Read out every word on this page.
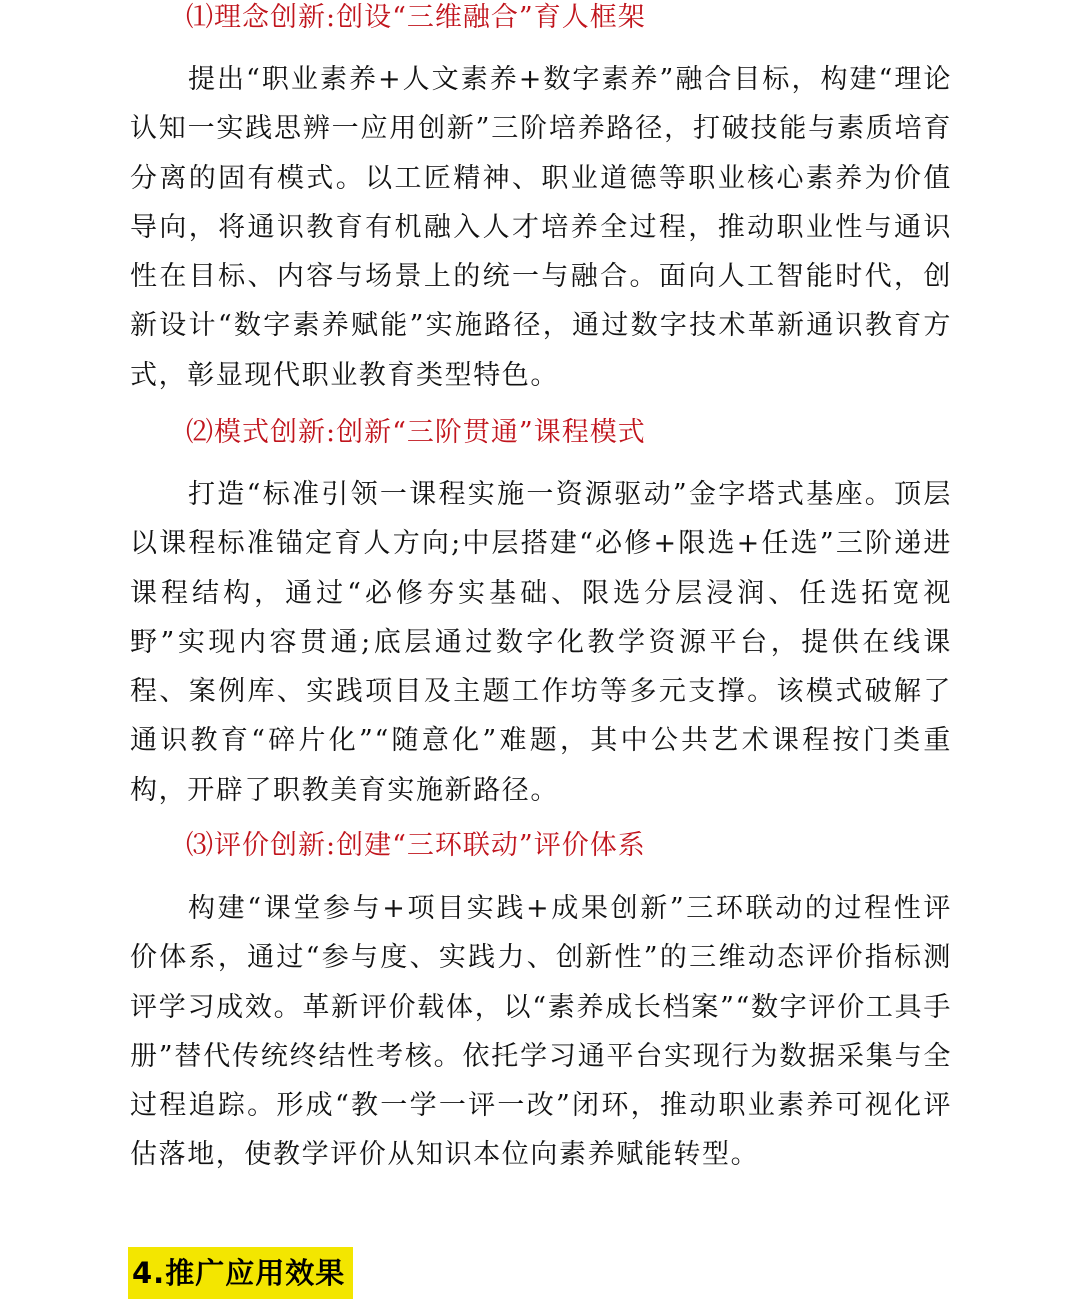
⑴理念创新:创设“三维融合”育人框架

提出“职业素养+人文素养+数字素养”融合目标，构建“理论认知一实践思辨一应用创新”三阶培养路径，打破技能与素质培育分离的固有模式。以工匠精神、职业道德等职业核心素养为价值导向，将通识教育有机融入人才培养全过程，推动职业性与通识性在目标、内容与场景上的统一与融合。面向人工智能时代，创新设计“数字素养赋能”实施路径，通过数字技术革新通识教育方式，彰显现代职业教育类型特色。

⑵模式创新:创新“三阶贯通”课程模式

打造“标准引领一课程实施一资源驱动”金字塔式基座。顶层以课程标准锚定育人方向;中层搭建“必修+限选+任选”三阶递进课程结构，通过“必修夯实基础、限选分层浸润、任选拓宽视野”实现内容贯通;底层通过数字化教学资源平台，提供在线课程、案例库、实践项目及主题工作坊等多元支撑。该模式破解了通识教育“碎片化”“随意化”难题，其中公共艺术课程按门类重构，开辟了职教美育实施新路径。

⑶评价创新:创建“三环联动”评价体系

构建“课堂参与+项目实践+成果创新”三环联动的过程性评价体系，通过“参与度、实践力、创新性”的三维动态评价指标测评学习成效。革新评价载体，以“素养成长档案”“数字评价工具手册”替代传统终结性考核。依托学习通平台实现行为数据采集与全过程追踪。形成“教一学一评一改”闭环，推动职业素养可视化评估落地，使教学评价从知识本位向素养赋能转型。

4.推广应用效果
